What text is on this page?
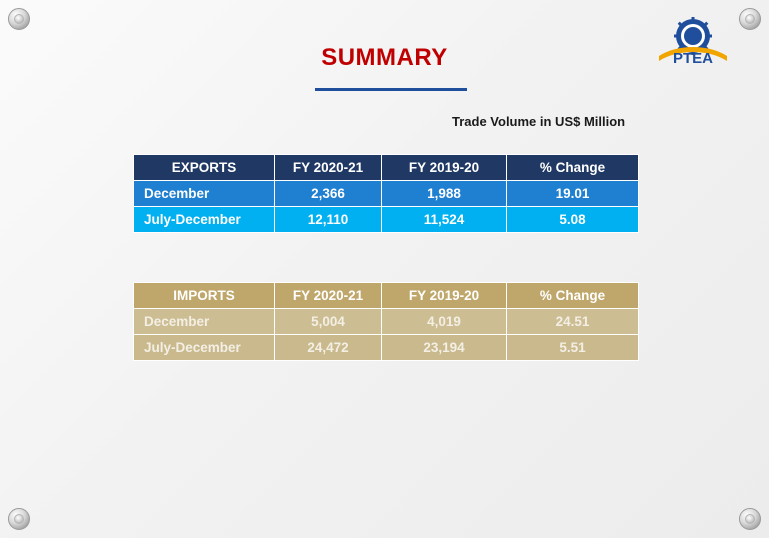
PTEA
SUMMARY
Trade Volume in US$ Million
EXPORTS	FY 2020-21	FY 2019-20	% Change
December	2,366	1,988	19.01
July-December	12,110	11,524	5.08
IMPORTS	FY 2020-21	FY 2019-20	% Change
December	5,004	4,019	24.51
July-December	24,472	23,194	5.51
